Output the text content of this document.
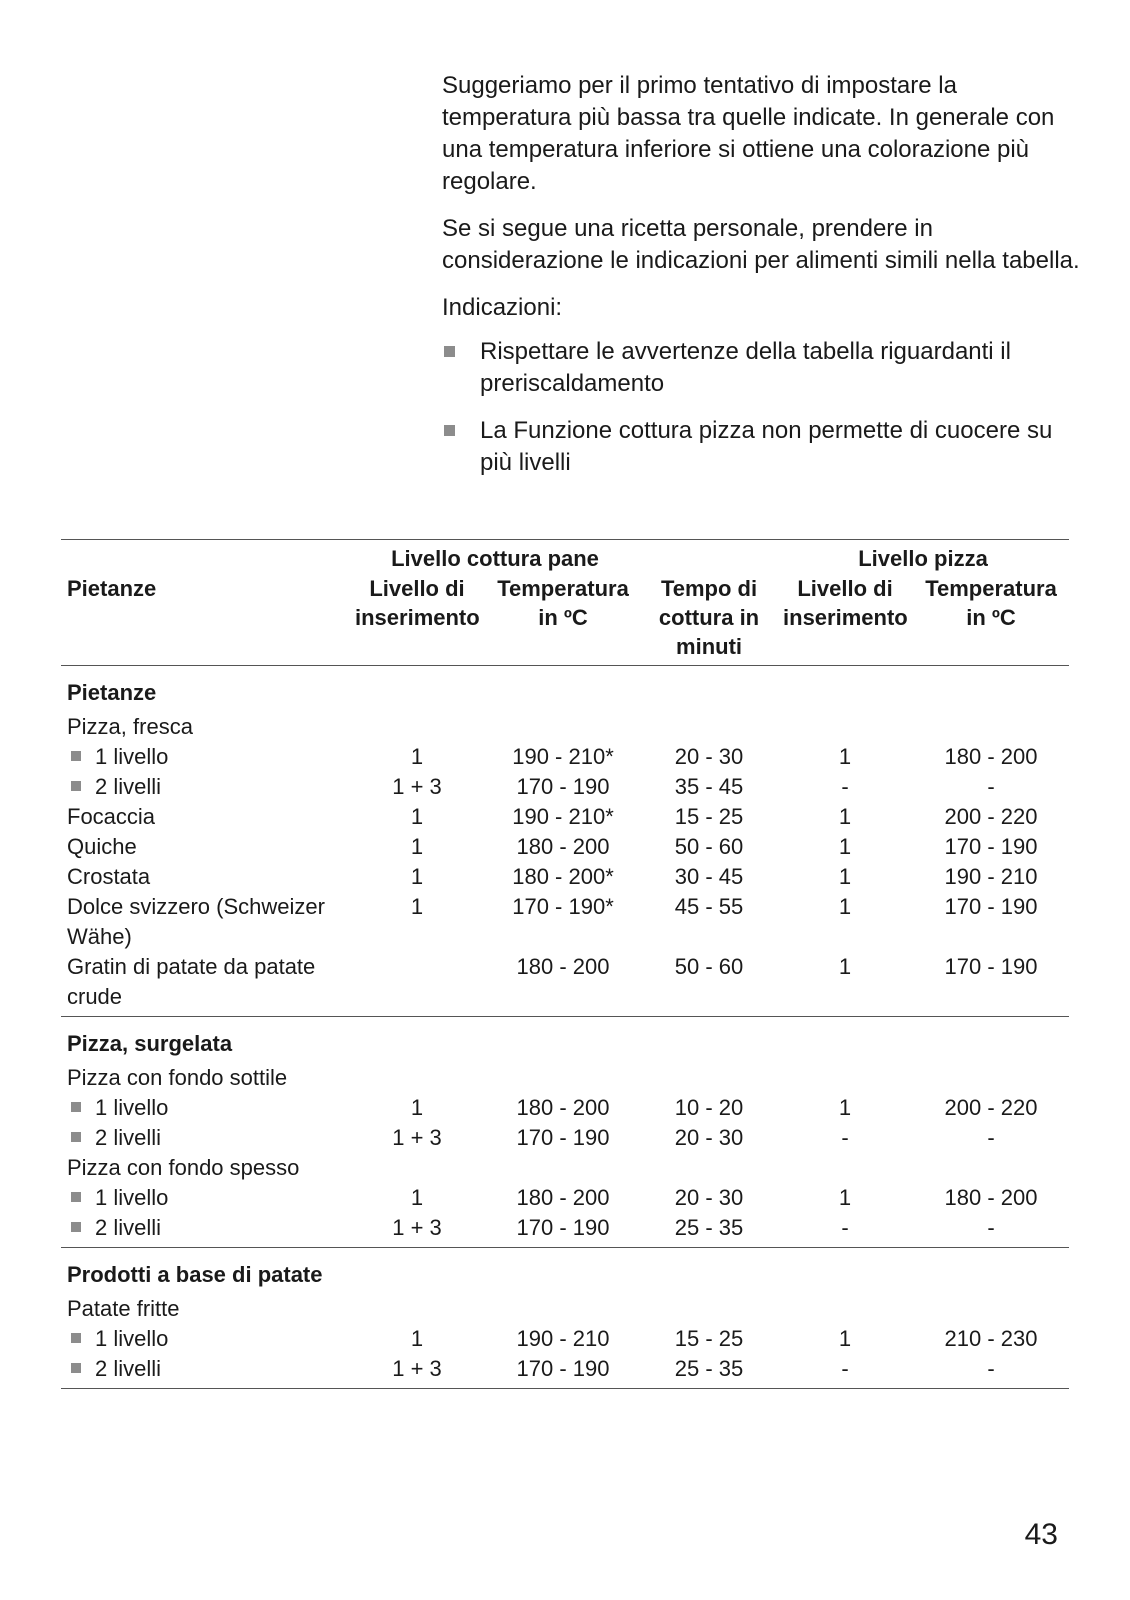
Suggeriamo per il primo tentativo di impostare la temperatura più bassa tra quelle indicate. In generale con una temperatura inferiore si ottiene una colorazione più regolare.

Se si segue una ricetta personale, prendere in considerazione le indicazioni per alimenti simili nella tabella.

Indicazioni:
Rispettare le avvertenze della tabella riguardanti il preriscaldamento
La Funzione cottura pizza non permette di cuocere su più livelli
	Livello cottura pane			Livello pizza	
Pietanze	Livello di inserimento	Temperatura in ºC	Tempo di cottura in minuti	Livello di inserimento	Temperatura in ºC
Pietanze					
Pizza, fresca					
1 livello	1	190 - 210*	20 - 30	1	180 - 200
2 livelli	1 + 3	170 - 190	35 - 45	-	-
Focaccia	1	190 - 210*	15 - 25	1	200 - 220
Quiche	1	180 - 200	50 - 60	1	170 - 190
Crostata	1	180 - 200*	30 - 45	1	190 - 210
Dolce svizzero (Schweizer Wähe)	1	170 - 190*	45 - 55	1	170 - 190
Gratin di patate da patate crude		180 - 200	50 - 60	1	170 - 190
Pizza, surgelata					
Pizza con fondo sottile					
1 livello	1	180 - 200	10 - 20	1	200 - 220
2 livelli	1 + 3	170 - 190	20 - 30	-	-
Pizza con fondo spesso					
1 livello	1	180 - 200	20 - 30	1	180 - 200
2 livelli	1 + 3	170 - 190	25 - 35	-	-
Prodotti a base di patate					
Patate fritte					
1 livello	1	190 - 210	15 - 25	1	210 - 230
2 livelli	1 + 3	170 - 190	25 - 35	-	-
43
